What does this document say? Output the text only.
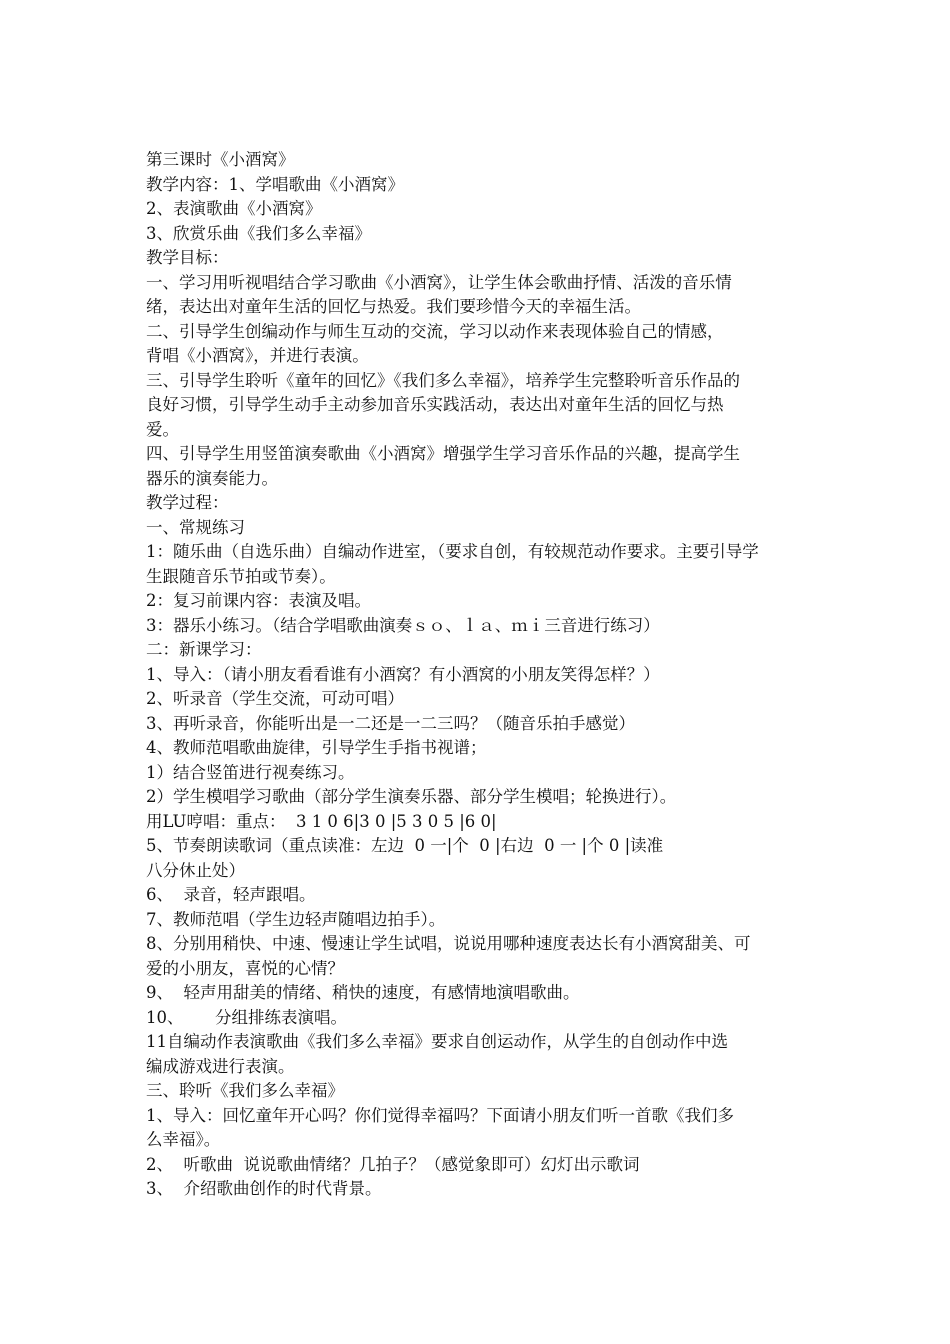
第三课时《小酒窝》
教学内容：1、学唱歌曲《小酒窝》
2、表演歌曲《小酒窝》
3、欣赏乐曲《我们多么幸福》
教学目标：
一、学习用听视唱结合学习歌曲《小酒窝》，让学生体会歌曲抒情、活泼的音乐情
绪，表达出对童年生活的回忆与热爱。我们要珍惜今天的幸福生活。
二、引导学生创编动作与师生互动的交流，学习以动作来表现体验自己的情感，
背唱《小酒窝》，并进行表演。
三、引导学生聆听《童年的回忆》《我们多么幸福》，培养学生完整聆听音乐作品的
良好习惯，引导学生动手主动参加音乐实践活动，表达出对童年生活的回忆与热
爱。
四、引导学生用竖笛演奏歌曲《小酒窝》增强学生学习音乐作品的兴趣，提高学生
器乐的演奏能力。
教学过程：
一、常规练习
1：随乐曲（自选乐曲）自编动作进室，（要求自创，有较规范动作要求。主要引导学
生跟随音乐节拍或节奏）。
2：复习前课内容：表演及唱。
3：器乐小练习。（结合学唱歌曲演奏ｓｏ、ｌａ、ｍｉ三音进行练习）
二：新课学习：
1、导入：（请小朋友看看谁有小酒窝？有小酒窝的小朋友笑得怎样？）
2、听录音（学生交流，可动可唱）
3、再听录音，你能听出是一二还是一二三吗？（随音乐拍手感觉）
4、教师范唱歌曲旋律，引导学生手指书视谱；
1）结合竖笛进行视奏练习。
2）学生模唱学习歌曲（部分学生演奏乐器、部分学生模唱；轮换进行）。
用LU哼唱：重点：  3 1 0 6|3 0 |5 3 0 5 |6 0|
5、节奏朗读歌词（重点读准：左边  0 一|个  0 |右边  0 一 |个 0 |读准
八分休止处）
6、  录音，轻声跟唱。
7、教师范唱（学生边轻声随唱边拍手）。
8、分别用稍快、中速、慢速让学生试唱，说说用哪种速度表达长有小酒窝甜美、可
爱的小朋友，喜悦的心情？
9、  轻声用甜美的情绪、稍快的速度，有感情地演唱歌曲。
10、      分组排练表演唱。
11自编动作表演歌曲《我们多么幸福》要求自创运动作，从学生的自创动作中选
编成游戏进行表演。
三、聆听《我们多么幸福》
1、导入：回忆童年开心吗？你们觉得幸福吗？下面请小朋友们听一首歌《我们多
么幸福》。
2、  听歌曲  说说歌曲情绪？几拍子？（感觉象即可）幻灯出示歌词
3、  介绍歌曲创作的时代背景。
